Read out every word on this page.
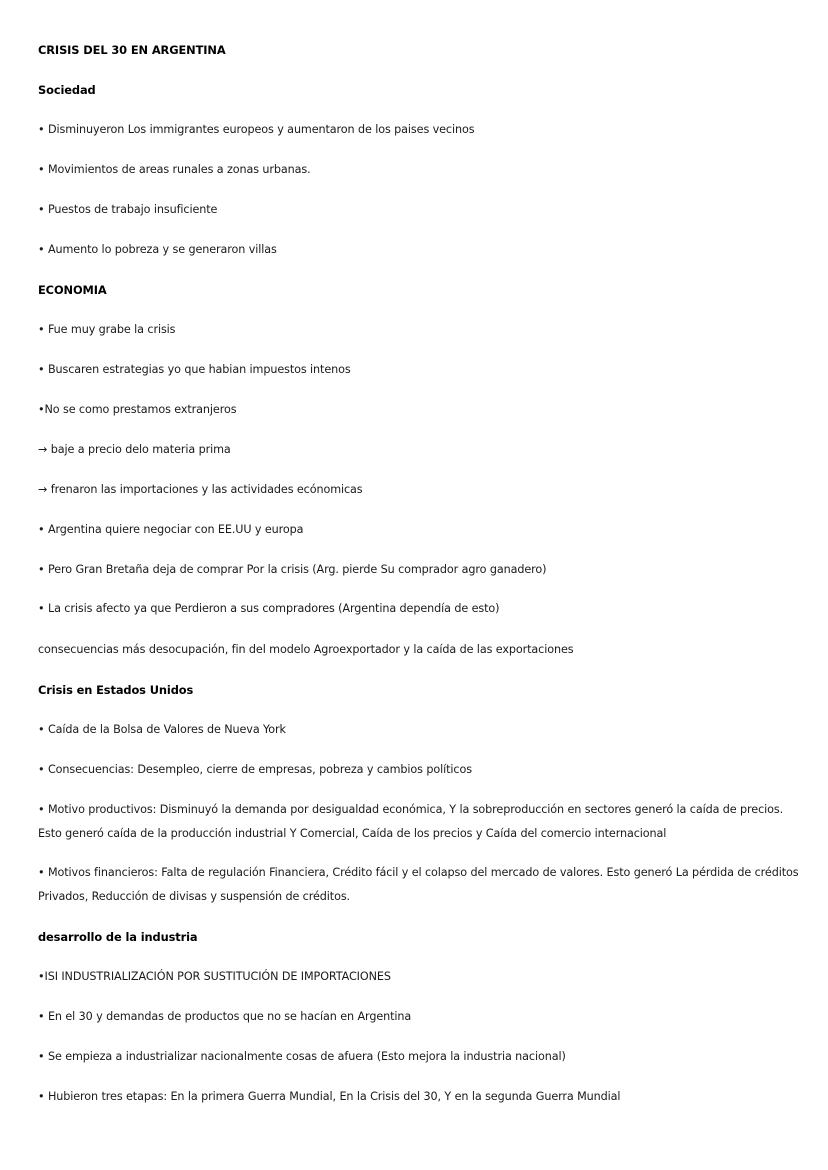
CRISIS DEL 30 EN ARGENTINA
Sociedad
• Disminuyeron Los immigrantes europeos y aumentaron de los paises vecinos
• Movimientos de areas runales a zonas urbanas.
• Puestos de trabajo insuficiente
• Aumento lo pobreza y se generaron villas
ECONOMIA
• Fue muy grabe la crisis
• Buscaren estrategias yo que habian impuestos intenos
•No se como prestamos extranjeros
→ baje a precio delo materia prima
→ frenaron las importaciones y las actividades ecónomicas
• Argentina quiere negociar con EE.UU y europa
• Pero Gran Bretaña deja de comprar Por la crisis (Arg. pierde Su comprador agro ganadero)
• La crisis afecto ya que Perdieron a sus compradores (Argentina dependía de esto)
consecuencias más desocupación, fin del modelo Agroexportador y la caída de las exportaciones
Crisis en Estados Unidos
• Caída de la Bolsa de Valores de Nueva York
• Consecuencias: Desempleo, cierre de empresas, pobreza y cambios políticos
• Motivo productivos: Disminuyó la demanda por desigualdad económica, Y la sobreproducción en sectores generó la caída de precios. Esto generó caída de la producción industrial Y Comercial, Caída de los precios y Caída del comercio internacional
• Motivos financieros: Falta de regulación Financiera, Crédito fácil y el colapso del mercado de valores. Esto generó La pérdida de créditos Privados, Reducción de divisas y suspensión de créditos.
desarrollo de la industria
•ISI INDUSTRIALIZACIÓN POR SUSTITUCIÓN DE IMPORTACIONES
• En el 30 y demandas de productos que no se hacían en Argentina
• Se empieza a industrializar nacionalmente cosas de afuera (Esto mejora la industria nacional)
• Hubieron tres etapas: En la primera Guerra Mundial, En la Crisis del 30, Y en la segunda Guerra Mundial
